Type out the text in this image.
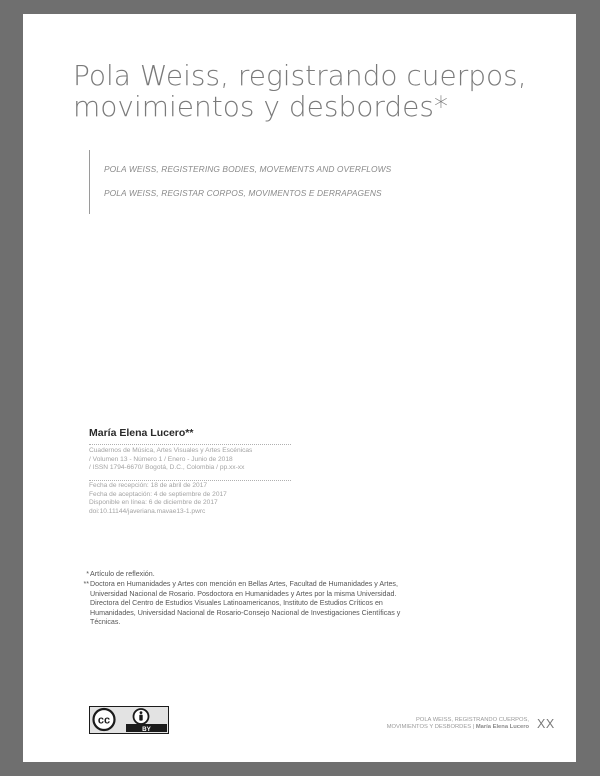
Pola Weiss, registrando cuerpos,
movimientos y desbordes*

POLA WEISS, REGISTERING BODIES, MOVEMENTS AND OVERFLOWS

POLA WEISS, REGISTAR CORPOS, MOVIMENTOS E DERRAPAGENS

María Elena Lucero**
Cuadernos de Música, Artes Visuales y Artes Escénicas
/ Volumen 13 - Número 1 / Enero - Junio de 2018
/ ISSN 1794-6670/ Bogotá, D.C., Colombia / pp.xx-xx
Fecha de recepción: 18 de abril de 2017
Fecha de aceptación: 4 de septiembre de 2017
Disponible en línea: 6 de diciembre de 2017
doi:10.11144/javeriana.mavae13-1.pwrc
* Artículo de reflexión.
** Doctora en Humanidades y Artes con mención en Bellas Artes, Facultad de Humanidades y Artes, Universidad Nacional de Rosario. Posdoctora en Humanidades y Artes por la misma Universidad. Directora del Centro de Estudios Visuales Latinoamericanos, Instituto de Estudios Críticos en Humanidades, Universidad Nacional de Rosario-Consejo Nacional de Investigaciones Científicas y Técnicas.
cc
BY
POLA WEISS, REGISTRANDO CUERPOS,
MOVIMIENTOS Y DESBORDES | María Elena Lucero XX
